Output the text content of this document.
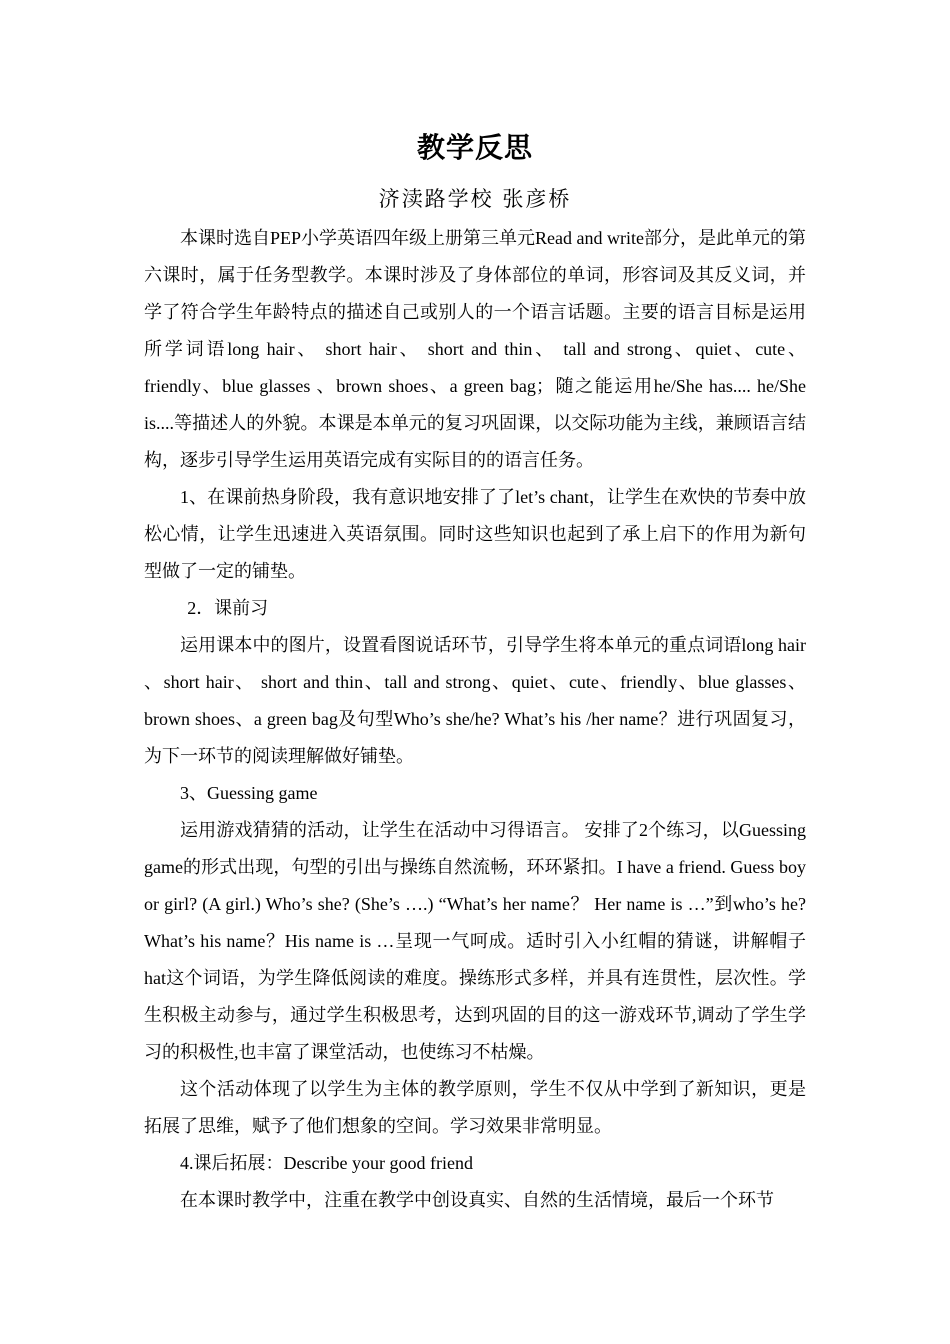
教学反思
济渎路学校 张彦桥

本课时选自PEP小学英语四年级上册第三单元Read and write部分，是此单元的第六课时，属于任务型教学。本课时涉及了身体部位的单词，形容词及其反义词，并学了符合学生年龄特点的描述自己或别人的一个语言话题。主要的语言目标是运用所学词语long hair、 short hair、 short and thin、 tall and strong、quiet、cute、friendly、blue glasses 、brown shoes、a green bag；随之能运用he/She has.... he/She is....等描述人的外貌。本课是本单元的复习巩固课，以交际功能为主线，兼顾语言结构，逐步引导学生运用英语完成有实际目的的语言任务。

1、在课前热身阶段，我有意识地安排了了let’s chant，让学生在欢快的节奏中放松心情，让学生迅速进入英语氛围。同时这些知识也起到了承上启下的作用为新句型做了一定的铺垫。

2．课前习

运用课本中的图片，设置看图说话环节，引导学生将本单元的重点词语long hair 、short hair、 short and thin、tall and strong、quiet、cute、friendly、blue glasses、brown shoes、a green bag及句型Who’s she/he? What’s his /her name？进行巩固复习，为下一环节的阅读理解做好铺垫。

3、Guessing game

运用游戏猜猜的活动，让学生在活动中习得语言。 安排了2个练习，以Guessing game的形式出现，句型的引出与操练自然流畅，环环紧扣。I have a friend. Guess boy or girl? (A girl.) Who’s she? (She’s ….) “What’s her name？ Her name is …”到who’s he? What’s his name？His name is …呈现一气呵成。适时引入小红帽的猜谜，讲解帽子hat这个词语，为学生降低阅读的难度。操练形式多样，并具有连贯性，层次性。学生积极主动参与，通过学生积极思考，达到巩固的目的这一游戏环节,调动了学生学习的积极性,也丰富了课堂活动，也使练习不枯燥。

这个活动体现了以学生为主体的教学原则，学生不仅从中学到了新知识，更是拓展了思维，赋予了他们想象的空间。学习效果非常明显。

4.课后拓展：Describe your good friend

在本课时教学中，注重在教学中创设真实、自然的生活情境，最后一个环节
